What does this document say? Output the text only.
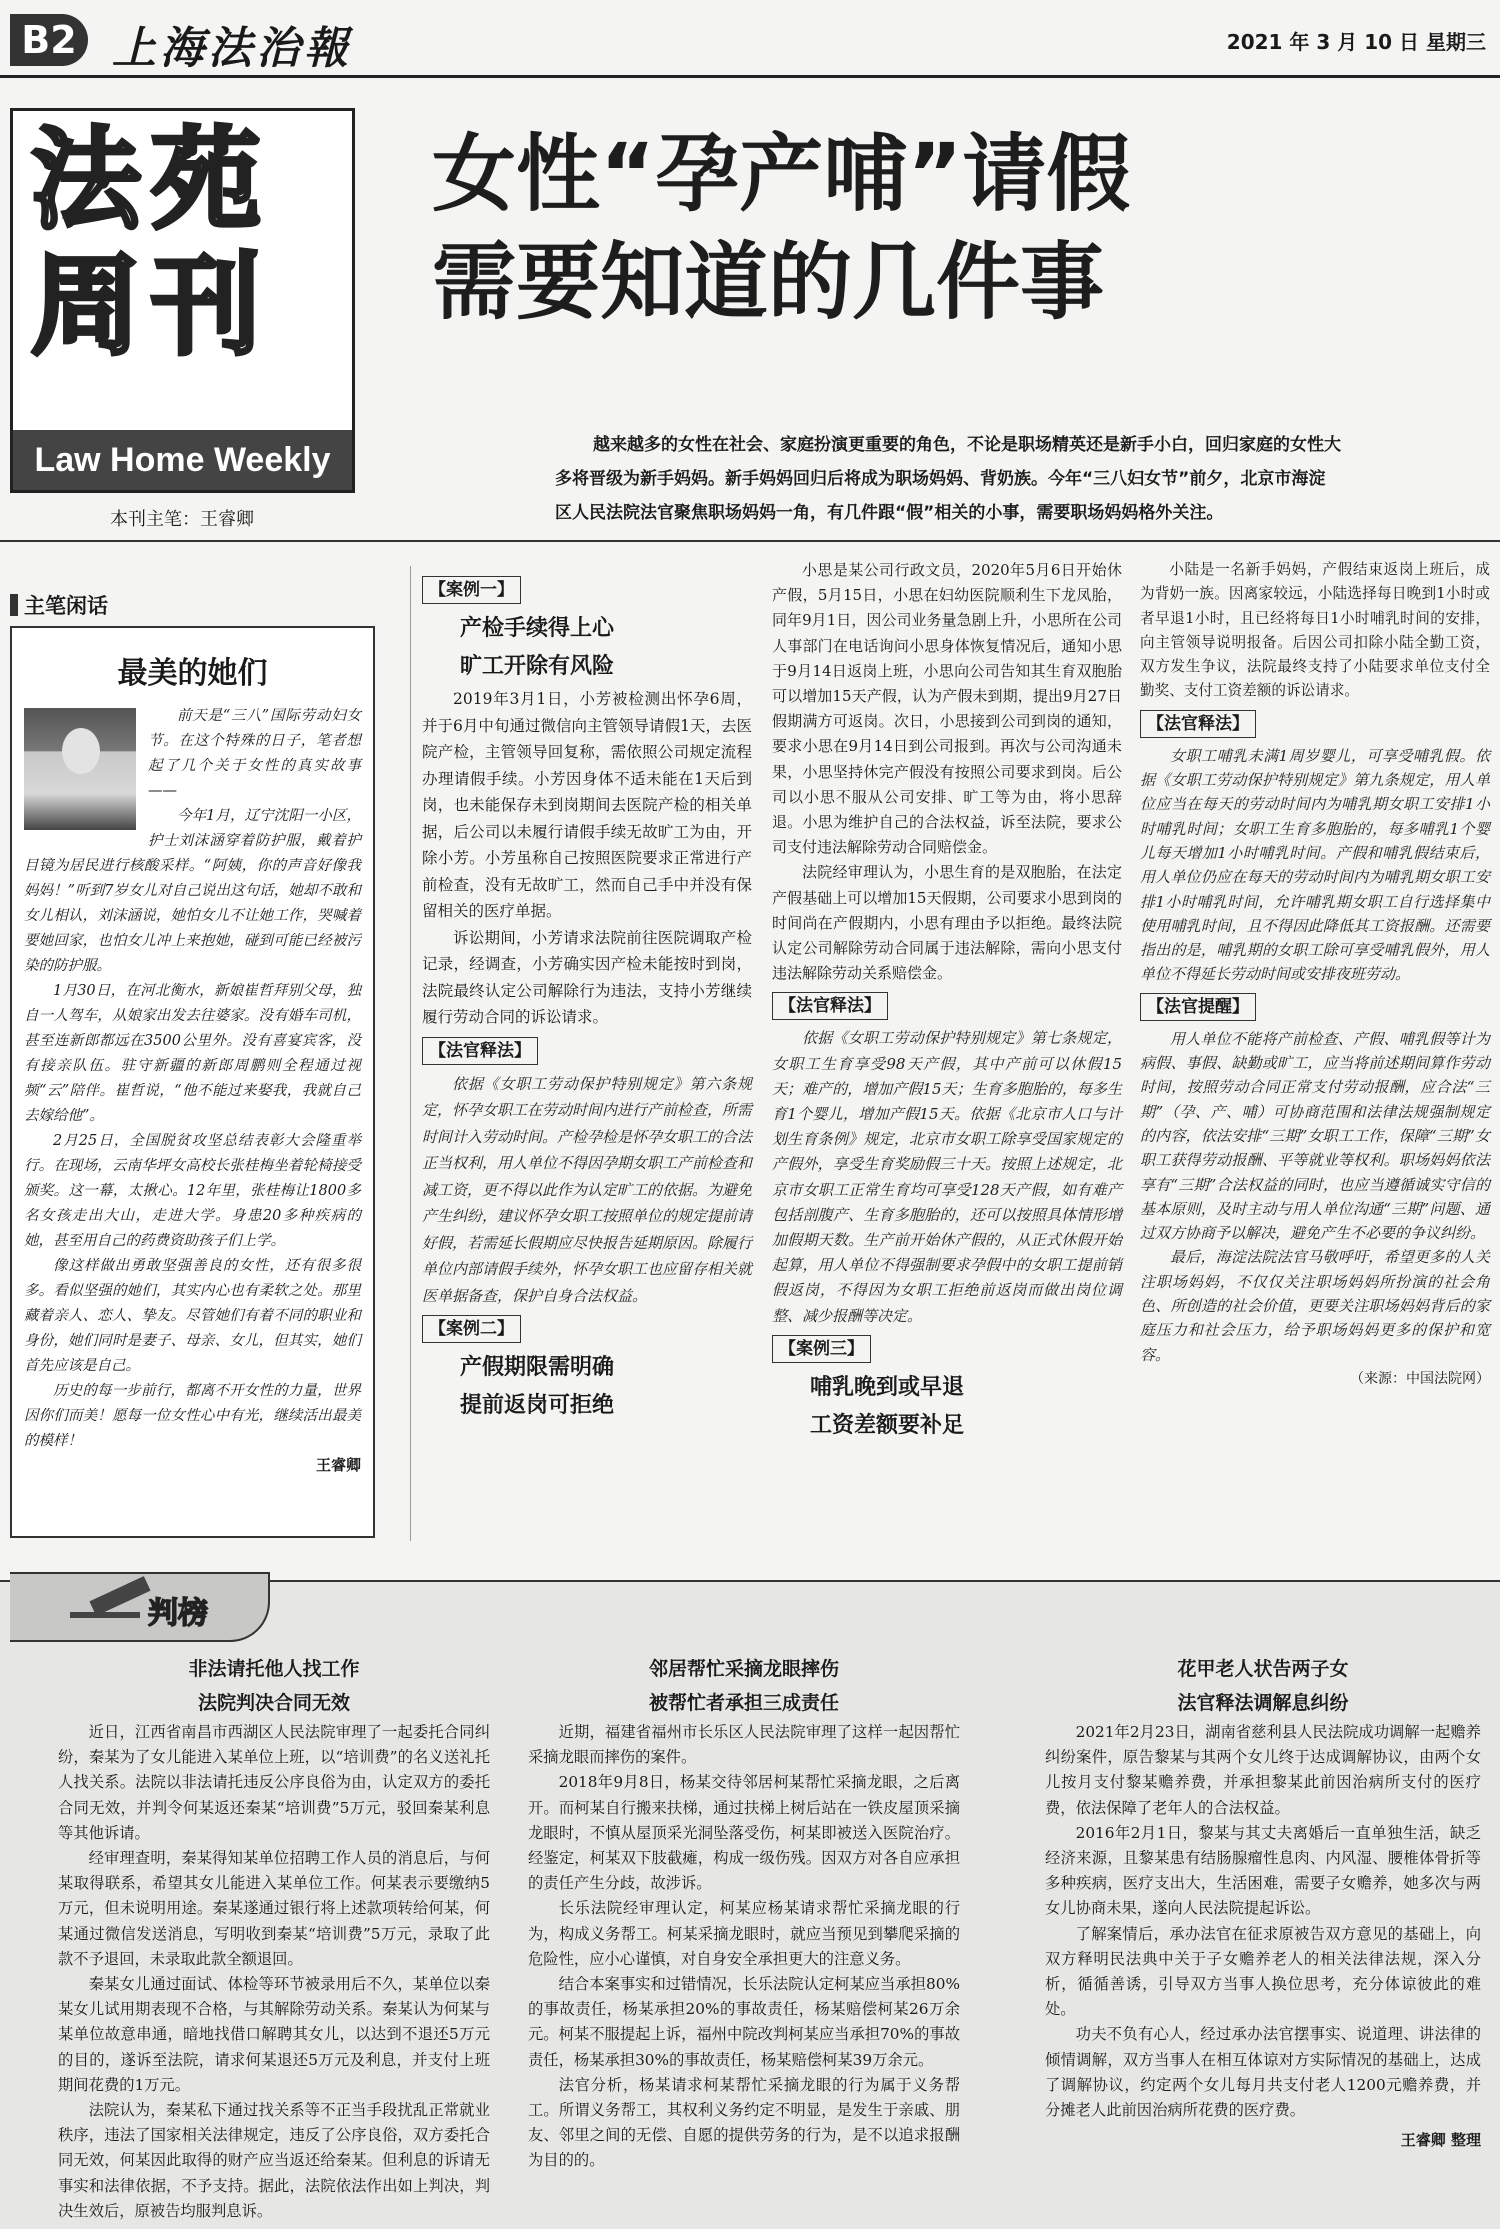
B2 上海法治報	2021 年 3 月 10 日 星期三
法苑
周刊
Law Home Weekly
本刊主笔：王睿卿
女性“孕产哺”请假
需要知道的几件事
越来越多的女性在社会、家庭扮演更重要的角色，不论是职场精英还是新手小白，回归家庭的女性大
多将晋级为新手妈妈。新手妈妈回归后将成为职场妈妈、背奶族。今年“三八妇女节”前夕，北京市海淀
区人民法院法官聚焦职场妈妈一角，有几件跟“假”相关的小事，需要职场妈妈格外关注。
主笔闲话
最美的她们

前天是“三八”国际劳动妇女节。在这个特殊的日子，笔者想起了几个关于女性的真实故事——

今年1月，辽宁沈阳一小区，护士刘沫涵穿着防护服，戴着护目镜为居民进行核酸采样。“阿姨，你的声音好像我妈妈！”听到7岁女儿对自己说出这句话，她却不敢和女儿相认，刘沫涵说，她怕女儿不让她工作，哭喊着要她回家，也怕女儿冲上来抱她，碰到可能已经被污染的防护服。

1月30日，在河北衡水，新娘崔哲拜别父母，独自一人驾车，从娘家出发去往婆家。没有婚车司机，甚至连新郎都远在3500公里外。没有喜宴宾客，没有接亲队伍。驻守新疆的新郎周鹏则全程通过视频“云”陪伴。崔哲说，“他不能过来娶我，我就自己去嫁给他”。

2月25日，全国脱贫攻坚总结表彰大会隆重举行。在现场，云南华坪女高校长张桂梅坐着轮椅接受颁奖。这一幕，太揪心。12年里，张桂梅让1800多名女孩走出大山，走进大学。身患20多种疾病的她，甚至用自己的药费资助孩子们上学。

像这样做出勇敢坚强善良的女性，还有很多很多。看似坚强的她们，其实内心也有柔软之处。那里藏着亲人、恋人、挚友。尽管她们有着不同的职业和身份，她们同时是妻子、母亲、女儿，但其实，她们首先应该是自己。

历史的每一步前行，都离不开女性的力量，世界因你们而美！愿每一位女性心中有光，继续活出最美的模样！

王睿卿
【案例一】
产检手续得上心
旷工开除有风险

2019年3月1日，小芳被检测出怀孕6周，并于6月中旬通过微信向主管领导请假1天，去医院产检，主管领导回复称，需依照公司规定流程办理请假手续。小芳因身体不适未能在1天后到岗，也未能保存未到岗期间去医院产检的相关单据，后公司以未履行请假手续无故旷工为由，开除小芳。小芳虽称自己按照医院要求正常进行产前检查，没有无故旷工，然而自己手中并没有保留相关的医疗单据。

诉讼期间，小芳请求法院前往医院调取产检记录，经调查，小芳确实因产检未能按时到岗，法院最终认定公司解除行为违法，支持小芳继续履行劳动合同的诉讼请求。

【法官释法】

依据《女职工劳动保护特别规定》第六条规定，怀孕女职工在劳动时间内进行产前检查，所需时间计入劳动时间。产检孕检是怀孕女职工的合法正当权利，用人单位不得因孕期女职工产前检查和减工资，更不得以此作为认定旷工的依据。为避免产生纠纷，建议怀孕女职工按照单位的规定提前请好假，若需延长假期应尽快报告延期原因。除履行单位内部请假手续外，怀孕女职工也应留存相关就医单据备查，保护自身合法权益。

【案例二】
产假期限需明确
提前返岗可拒绝

小思是某公司行政文员，2020年5月6日开始休产假，5月15日，小思在妇幼医院顺利生下龙凤胎，同年9月1日，因公司业务量急剧上升，小思所在公司人事部门在电话询问小思身体恢复情况后，通知小思于9月14日返岗上班，小思向公司告知其生育双胞胎可以增加15天产假，认为产假未到期，提出9月27日假期满方可返岗。次日，小思接到公司到岗的通知，要求小思在9月14日到公司报到。再次与公司沟通未果，小思坚持休完产假没有按照公司要求到岗。后公司以小思不服从公司安排、旷工等为由，将小思辞退。小思为维护自己的合法权益，诉至法院，要求公司支付违法解除劳动合同赔偿金。

法院经审理认为，小思生育的是双胞胎，在法定产假基础上可以增加15天假期，公司要求小思到岗的时间尚在产假期内，小思有理由予以拒绝。最终法院认定公司解除劳动合同属于违法解除，需向小思支付违法解除劳动关系赔偿金。

【法官释法】

依据《女职工劳动保护特别规定》第七条规定，女职工生育享受98天产假，其中产前可以休假15天；难产的，增加产假15天；生育多胞胎的，每多生育1个婴儿，增加产假15天。依据《北京市人口与计划生育条例》规定，北京市女职工除享受国家规定的产假外，享受生育奖励假三十天。按照上述规定，北京市女职工正常生育均可享受128天产假，如有难产包括剖腹产、生育多胞胎的，还可以按照具体情形增加假期天数。生产前开始休产假的，从正式休假开始起算，用人单位不得强制要求孕假中的女职工提前销假返岗，不得因为女职工拒绝前返岗而做出岗位调整、减少报酬等决定。

【案例三】
哺乳晚到或早退
工资差额要补足

小陆是一名新手妈妈，产假结束返岗上班后，成为背奶一族。因离家较远，小陆选择每日晚到1小时或者早退1小时，且已经将每日1小时哺乳时间的安排，向主管领导说明报备。后因公司扣除小陆全勤工资，双方发生争议，法院最终支持了小陆要求单位支付全勤奖、支付工资差额的诉讼请求。

【法官释法】

女职工哺乳未满1周岁婴儿，可享受哺乳假。依据《女职工劳动保护特别规定》第九条规定，用人单位应当在每天的劳动时间内为哺乳期女职工安排1小时哺乳时间；女职工生育多胞胎的，每多哺乳1个婴儿每天增加1小时哺乳时间。产假和哺乳假结束后，用人单位仍应在每天的劳动时间内为哺乳期女职工安排1小时哺乳时间，允许哺乳期女职工自行选择集中使用哺乳时间，且不得因此降低其工资报酬。还需要指出的是，哺乳期的女职工除可享受哺乳假外，用人单位不得延长劳动时间或安排夜班劳动。

【法官提醒】

用人单位不能将产前检查、产假、哺乳假等计为病假、事假、缺勤或旷工，应当将前述期间算作劳动时间，按照劳动合同正常支付劳动报酬，应合法“三期”（孕、产、哺）可协商范围和法律法规强制规定的内容，依法安排“三期”女职工工作，保障“三期”女职工获得劳动报酬、平等就业等权利。职场妈妈依法享有“三期”合法权益的同时，也应当遵循诚实守信的基本原则，及时主动与用人单位沟通“三期”问题、通过双方协商予以解决，避免产生不必要的争议纠纷。

最后，海淀法院法官马敬呼吁，希望更多的人关注职场妈妈，不仅仅关注职场妈妈所扮演的社会角色、所创造的社会价值，更要关注职场妈妈背后的家庭压力和社会压力，给予职场妈妈更多的保护和宽容。

（来源：中国法院网）
判榜
非法请托他人找工作
法院判决合同无效

近日，江西省南昌市西湖区人民法院审理了一起委托合同纠纷，秦某为了女儿能进入某单位上班，以“培训费”的名义送礼托人找关系。法院以非法请托违反公序良俗为由，认定双方的委托合同无效，并判令何某返还秦某“培训费”5万元，驳回秦某利息等其他诉请。

经审理查明，秦某得知某单位招聘工作人员的消息后，与何某取得联系，希望其女儿能进入某单位工作。何某表示要缴纳5万元，但未说明用途。秦某遂通过银行将上述款项转给何某，何某通过微信发送消息，写明收到秦某“培训费”5万元，录取了此款不予退回，未录取此款全额退回。

秦某女儿通过面试、体检等环节被录用后不久，某单位以秦某女儿试用期表现不合格，与其解除劳动关系。秦某认为何某与某单位故意串通，暗地找借口解聘其女儿，以达到不退还5万元的目的，遂诉至法院，请求何某退还5万元及利息，并支付上班期间花费的1万元。

法院认为，秦某私下通过找关系等不正当手段扰乱正常就业秩序，违法了国家相关法律规定，违反了公序良俗，双方委托合同无效，何某因此取得的财产应当返还给秦某。但利息的诉请无事实和法律依据，不予支持。据此，法院依法作出如上判决，判决生效后，原被告均服判息诉。

邻居帮忙采摘龙眼摔伤
被帮忙者承担三成责任

近期，福建省福州市长乐区人民法院审理了这样一起因帮忙采摘龙眼而摔伤的案件。

2018年9月8日，杨某交待邻居柯某帮忙采摘龙眼，之后离开。而柯某自行搬来扶梯，通过扶梯上树后站在一铁皮屋顶采摘龙眼时，不慎从屋顶采光洞坠落受伤，柯某即被送入医院治疗。经鉴定，柯某双下肢截瘫，构成一级伤残。因双方对各自应承担的责任产生分歧，故涉诉。

长乐法院经审理认定，柯某应杨某请求帮忙采摘龙眼的行为，构成义务帮工。柯某采摘龙眼时，就应当预见到攀爬采摘的危险性，应小心谨慎，对自身安全承担更大的注意义务。

结合本案事实和过错情况，长乐法院认定柯某应当承担80%的事故责任，杨某承担20%的事故责任，杨某赔偿柯某26万余元。柯某不服提起上诉，福州中院改判柯某应当承担70%的事故责任，杨某承担30%的事故责任，杨某赔偿柯某39万余元。

法官分析，杨某请求柯某帮忙采摘龙眼的行为属于义务帮工。所谓义务帮工，其权利义务约定不明显，是发生于亲戚、朋友、邻里之间的无偿、自愿的提供劳务的行为，是不以追求报酬为目的的。

花甲老人状告两子女
法官释法调解息纠纷

2021年2月23日，湖南省慈利县人民法院成功调解一起赡养纠纷案件，原告黎某与其两个女儿终于达成调解协议，由两个女儿按月支付黎某赡养费，并承担黎某此前因治病所支付的医疗费，依法保障了老年人的合法权益。

2016年2月1日，黎某与其丈夫离婚后一直单独生活，缺乏经济来源，且黎某患有结肠腺瘤性息肉、内风湿、腰椎体骨折等多种疾病，医疗支出大，生活困难，需要子女赡养，她多次与两女儿协商未果，遂向人民法院提起诉讼。

了解案情后，承办法官在征求原被告双方意见的基础上，向双方释明民法典中关于子女赡养老人的相关法律法规，深入分析，循循善诱，引导双方当事人换位思考，充分体谅彼此的难处。

功夫不负有心人，经过承办法官摆事实、说道理、讲法律的倾情调解，双方当事人在相互体谅对方实际情况的基础上，达成了调解协议，约定两个女儿每月共支付老人1200元赡养费，并分摊老人此前因治病所花费的医疗费。

王睿卿 整理
